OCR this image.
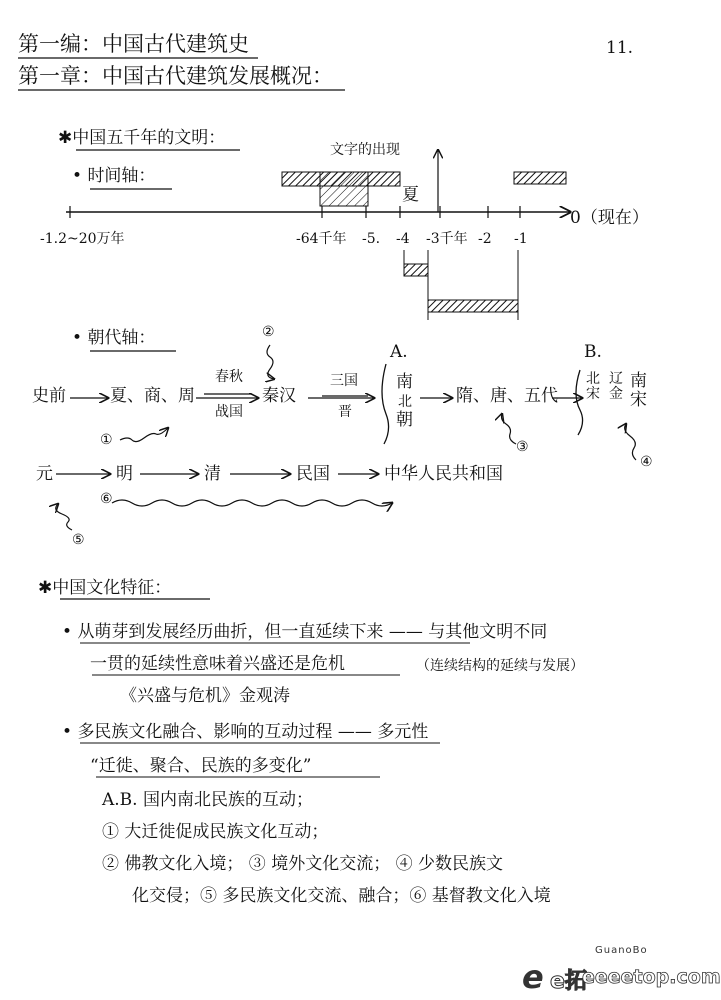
11.
第一编：中国古代建筑史
第一章：中国古代建筑发展概况：
✱中国五千年的文明：
• 时间轴：
文字的出现
夏
-1.2~20万年	-64千年 -5. -4 -3千年 -2 -1
0（现在）
• 朝代轴：
A.	B.
史前	夏、商、周
春秋
战国
秦汉
三国
晋
南
北
朝
隋、唐、五代
北宋
辽金
南宋
元	明	清	民国	中华人民共和国
①
②
③
④
⑤
⑥
✱中国文化特征：
• 从萌芽到发展经历曲折，但一直延续下来 —— 与其他文明不同
一贯的延续性意味着兴盛还是危机	（连续结构的延续与发展）
《兴盛与危机》金观涛
• 多民族文化融合、影响的互动过程 —— 多元性
“迁徙、聚合、民族的多变化”
A.B. 国内南北民族的互动；
① 大迁徙促成民族文化互动；
② 佛教文化入境； ③ 境外文化交流； ④ 少数民族文
化交侵；⑤ 多民族文化交流、融合；⑥ 基督教文化入境
GuanoBo
e e拓
eeeetop.com
